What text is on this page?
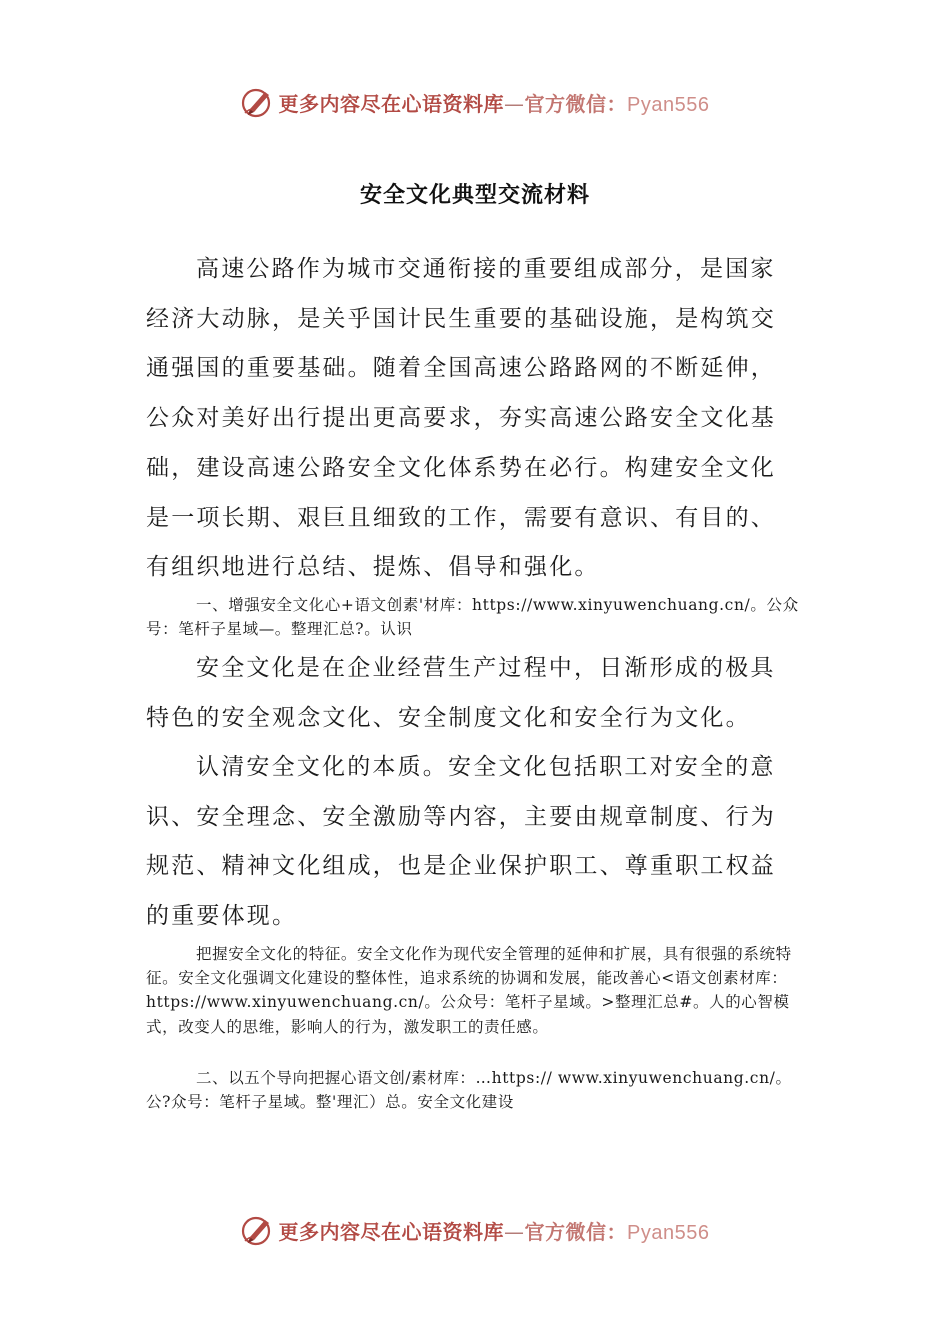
更多内容尽在心语资料库—官方微信：Pyan556
安全文化典型交流材料

高速公路作为城市交通衔接的重要组成部分，是国家经济大动脉，是关乎国计民生重要的基础设施，是构筑交通强国的重要基础。随着全国高速公路路网的不断延伸，公众对美好出行提出更高要求，夯实高速公路安全文化基础，建设高速公路安全文化体系势在必行。构建安全文化是一项长期、艰巨且细致的工作，需要有意识、有目的、有组织地进行总结、提炼、倡导和强化。

一、增强安全文化心+语文创素'材库：https://www.xinyuwenchuang.cn/。公众号：笔杆子星域—。整理汇总?。认识

安全文化是在企业经营生产过程中，日渐形成的极具特色的安全观念文化、安全制度文化和安全行为文化。

认清安全文化的本质。安全文化包括职工对安全的意识、安全理念、安全激励等内容，主要由规章制度、行为规范、精神文化组成，也是企业保护职工、尊重职工权益的重要体现。

把握安全文化的特征。安全文化作为现代安全管理的延伸和扩展，具有很强的系统特征。安全文化强调文化建设的整体性，追求系统的协调和发展，能改善心<语文创素材库：https://www.xinyuwenchuang.cn/。公众号：笔杆子星域。>整理汇总#。人的心智模式，改变人的思维，影响人的行为，激发职工的责任感。

二、以五个导向把握心语文创/素材库：…https:// www.xinyuwenchuang.cn/。公?众号：笔杆子星域。整'理汇）总。安全文化建设

更多内容尽在心语资料库—官方微信：Pyan556
